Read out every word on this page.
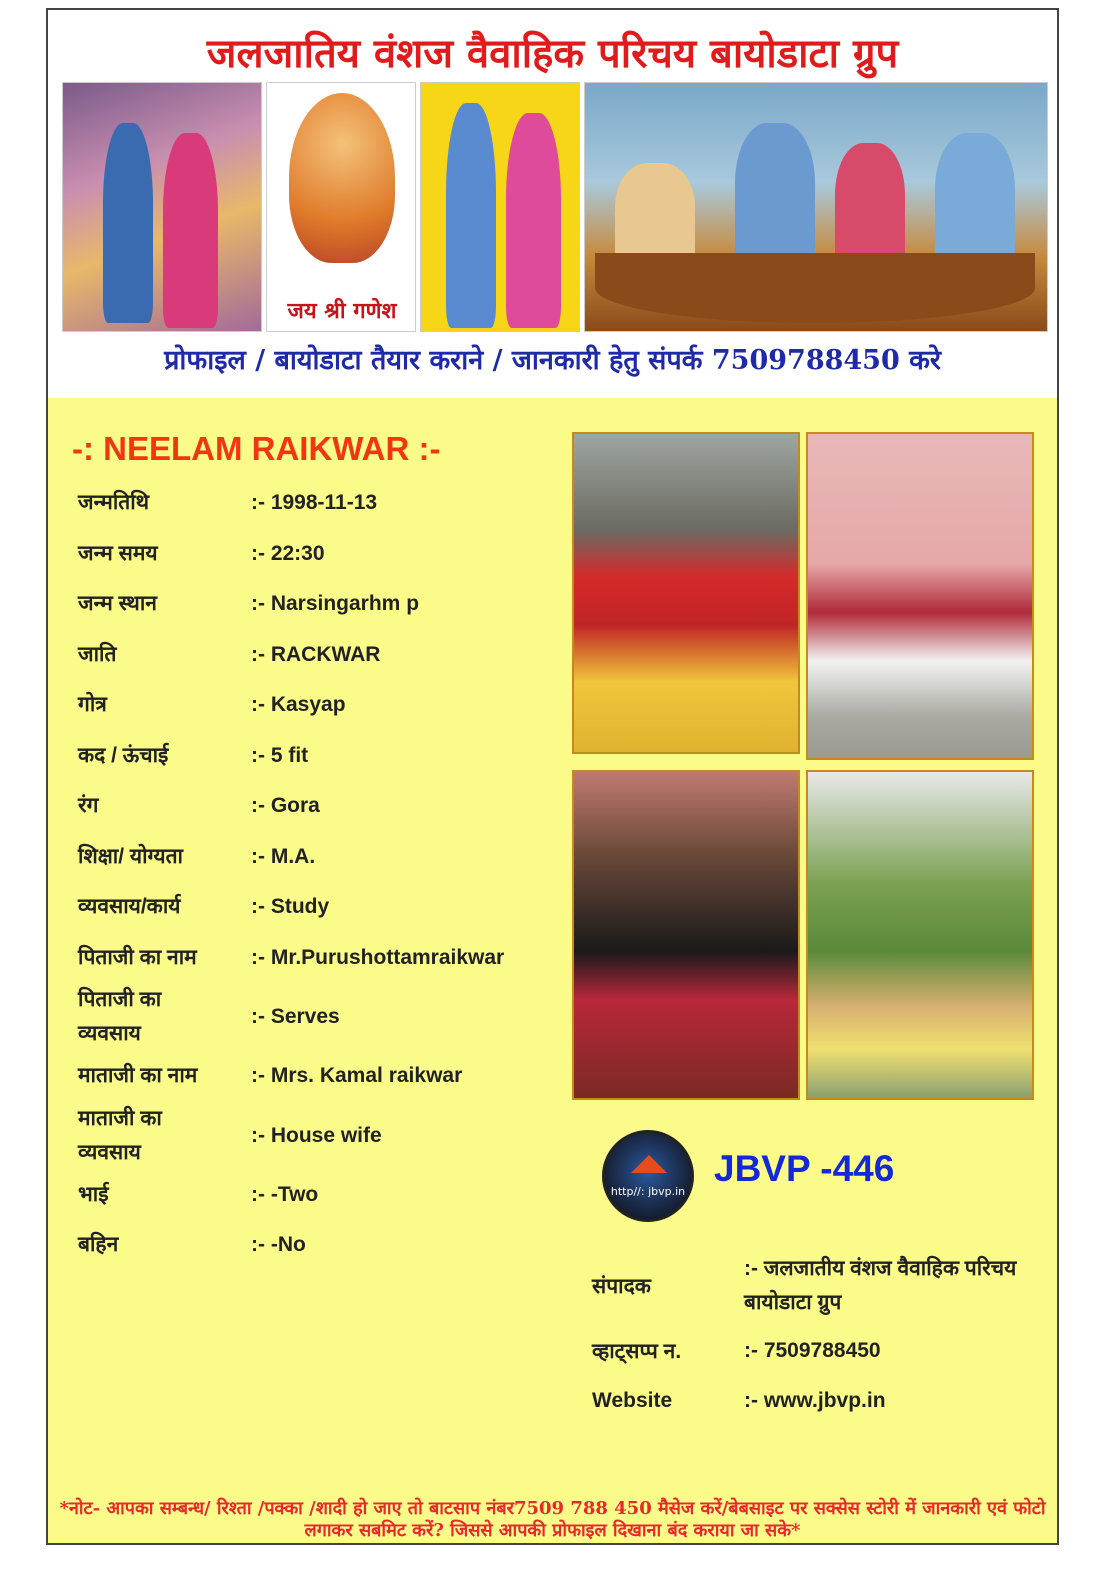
जलजातिय वंशज वैवाहिक परिचय बायोडाटा ग्रुप
जय श्री गणेश
प्रोफाइल / बायोडाटा तैयार कराने / जानकारी हेतु संपर्क 7509788450 करे
-: NEELAM RAIKWAR :-
जन्मतिथि	:- 1998-11-13
जन्म समय	:- 22:30
जन्म स्थान	:- Narsingarhm p
जाति	:- RACKWAR
गोत्र	:- Kasyap
कद / ऊंचाई	:- 5 fit
रंग	:- Gora
शिक्षा/ योग्यता	:- M.A.
व्यवसाय/कार्य	:- Study
पिताजी का नाम	:- Mr.Purushottamraikwar
पिताजी का व्यवसाय
:- Serves
माताजी का नाम	:- Mrs. Kamal raikwar
माताजी का व्यवसाय
:- House wife
भाई	:- -Two
बहिन	:- -No
http//: jbvp.in
JBVP -446
संपादक
:- जलजातीय वंशज वैवाहिक परिचय बायोडाटा ग्रुप
व्हाट्सप्प न.	:- 7509788450
Website	:- www.jbvp.in
*नोट- आपका सम्बन्ध/ रिश्ता /पक्का /शादी हो जाए तो बाटसाप नंबर7509 788 450 मैसेज करें/बेबसाइट पर सक्सेस स्टोरी में जानकारी एवं फोटो लगाकर सबमिट करें? जिससे आपकी प्रोफाइल दिखाना बंद कराया जा सके*
